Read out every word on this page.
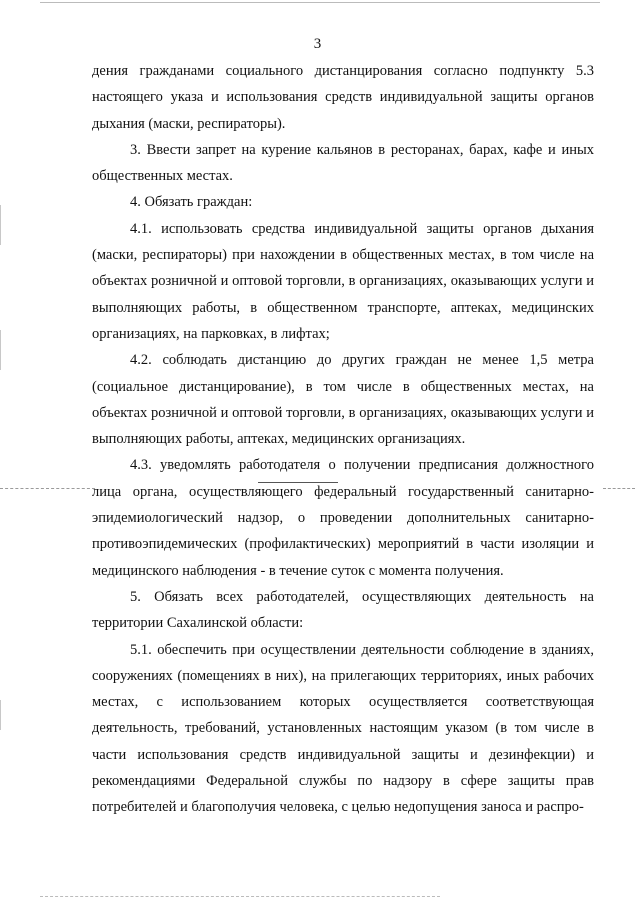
3

дения гражданами социального дистанцирования согласно подпункту 5.3 настоящего указа и использования средств индивидуальной защиты органов дыхания (маски, респираторы).

3. Ввести запрет на курение кальянов в ресторанах, барах, кафе и иных общественных местах.

4. Обязать граждан:

4.1. использовать средства индивидуальной защиты органов дыхания (маски, респираторы) при нахождении в общественных местах, в том числе на объектах розничной и оптовой торговли, в организациях, оказывающих услуги и выполняющих работы, в общественном транспорте, аптеках, медицинских организациях, на парковках, в лифтах;

4.2. соблюдать дистанцию до других граждан не менее 1,5 метра (социальное дистанцирование), в том числе в общественных местах, на объектах розничной и оптовой торговли, в организациях, оказывающих услуги и выполняющих работы, аптеках, медицинских организациях.

4.3. уведомлять работодателя о получении предписания должностного лица органа, осуществляющего федеральный государственный санитарно-эпидемиологический надзор, о проведении дополнительных санитарно-противоэпидемических (профилактических) мероприятий в части изоляции и медицинского наблюдения - в течение суток с момента получения.

5. Обязать всех работодателей, осуществляющих деятельность на территории Сахалинской области:

5.1. обеспечить при осуществлении деятельности соблюдение в зданиях, сооружениях (помещениях в них), на прилегающих территориях, иных рабочих местах, с использованием которых осуществляется соответствующая деятельность, требований, установленных настоящим указом (в том числе в части использования средств индивидуальной защиты и дезинфекции) и рекомендациями Федеральной службы по надзору в сфере защиты прав потребителей и благополучия человека, с целью недопущения заноса и распро-
